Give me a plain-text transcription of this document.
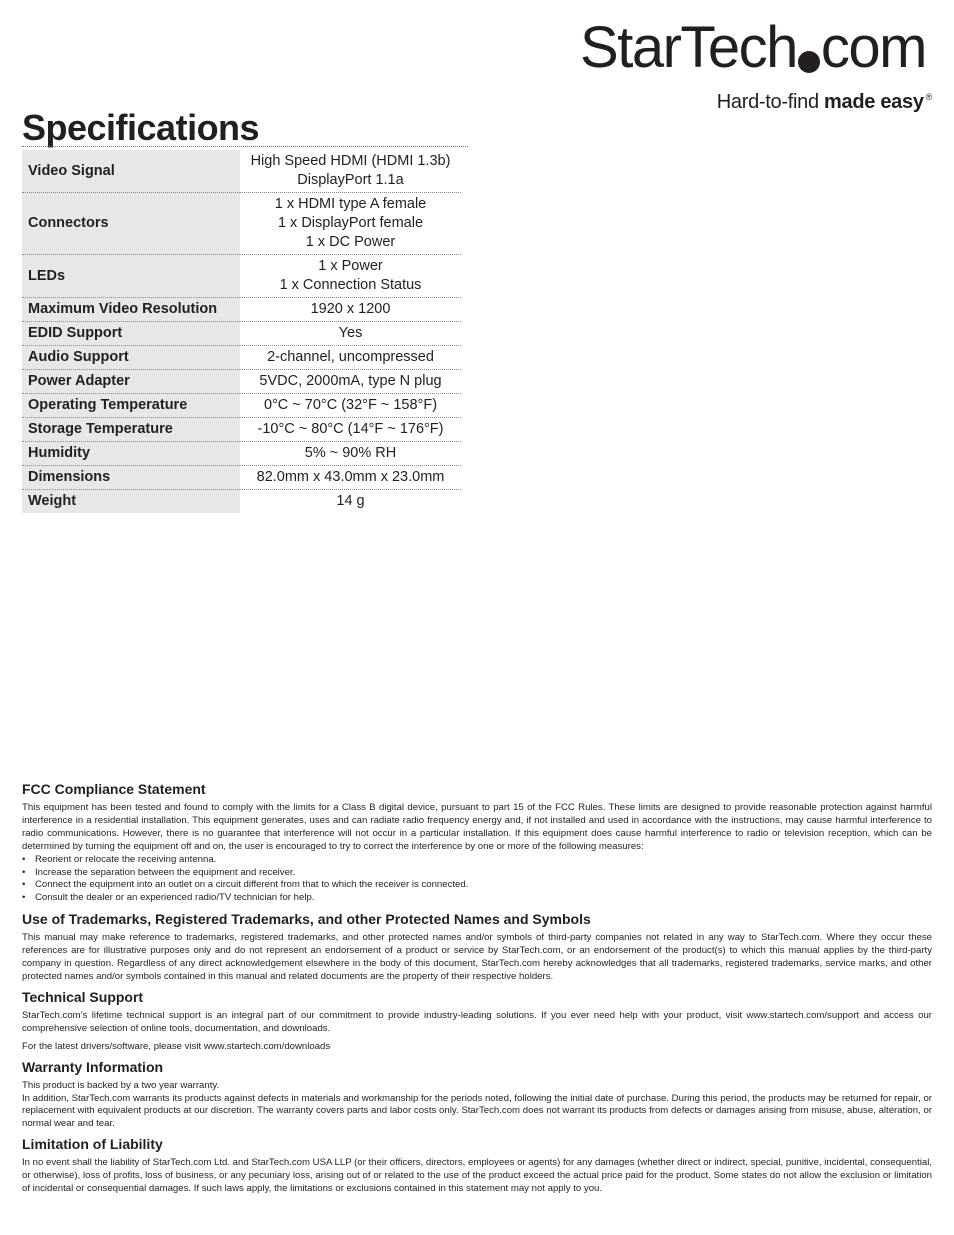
StarTech com
Hard-to-find made easy ®
Specifications
Video Signal	High Speed HDMI (HDMI 1.3b)
DisplayPort 1.1a

Connectors	1 x HDMI type A female
1 x DisplayPort female
1 x DC Power

LEDs	1 x Power
1 x Connection Status

Maximum Video Resolution	1920 x 1200

EDID Support	Yes

Audio Support	2-channel, uncompressed

Power Adapter	5VDC, 2000mA, type N plug

Operating Temperature	0°C ~ 70°C (32°F ~ 158°F)

Storage Temperature	-10°C ~ 80°C (14°F ~ 176°F)

Humidity	5% ~ 90% RH

Dimensions	82.0mm x 43.0mm x 23.0mm

Weight	14 g
FCC Compliance Statement

This equipment has been tested and found to comply with the limits for a Class B digital device, pursuant to part 15 of the FCC Rules. These limits are designed to provide reasonable protection against harmful interference in a residential installation. This equipment generates, uses and can radiate radio frequency energy and, if not installed and used in accordance with the instructions, may cause harmful interference to radio communications. However, there is no guarantee that interference will not occur in a particular installation. If this equipment does cause harmful interference to radio or television reception, which can be determined by turning the equipment off and on, the user is encouraged to try to correct the interference by one or more of the following measures:

• Reorient or relocate the receiving antenna.
• Increase the separation between the equipment and receiver.
• Connect the equipment into an outlet on a circuit different from that to which the receiver is connected.
• Consult the dealer or an experienced radio/TV technician for help.
Use of Trademarks, Registered Trademarks, and other Protected Names and Symbols

This manual may make reference to trademarks, registered trademarks, and other protected names and/or symbols of third-party companies not related in any way to StarTech.com. Where they occur these references are for illustrative purposes only and do not represent an endorsement of a product or service by StarTech.com, or an endorsement of the product(s) to which this manual applies by the third-party company in question. Regardless of any direct acknowledgement elsewhere in the body of this document, StarTech.com hereby acknowledges that all trademarks, registered trademarks, service marks, and other protected names and/or symbols contained in this manual and related documents are the property of their respective holders.

Technical Support

StarTech.com’s lifetime technical support is an integral part of our commitment to provide industry-leading solutions. If you ever need help with your product, visit www.startech.com/support and access our comprehensive selection of online tools, documentation, and downloads.

For the latest drivers/software, please visit www.startech.com/downloads

Warranty Information

This product is backed by a two year warranty.

In addition, StarTech.com warrants its products against defects in materials and workmanship for the periods noted, following the initial date of purchase. During this period, the products may be returned for repair, or replacement with equivalent products at our discretion. The warranty covers parts and labor costs only. StarTech.com does not warrant its products from defects or damages arising from misuse, abuse, alteration, or normal wear and tear.

Limitation of Liability

In no event shall the liability of StarTech.com Ltd. and StarTech.com USA LLP (or their officers, directors, employees or agents) for any damages (whether direct or indirect, special, punitive, incidental, consequential, or otherwise), loss of profits, loss of business, or any pecuniary loss, arising out of or related to the use of the product exceed the actual price paid for the product. Some states do not allow the exclusion or limitation of incidental or consequential damages. If such laws apply, the limitations or exclusions contained in this statement may not apply to you.
